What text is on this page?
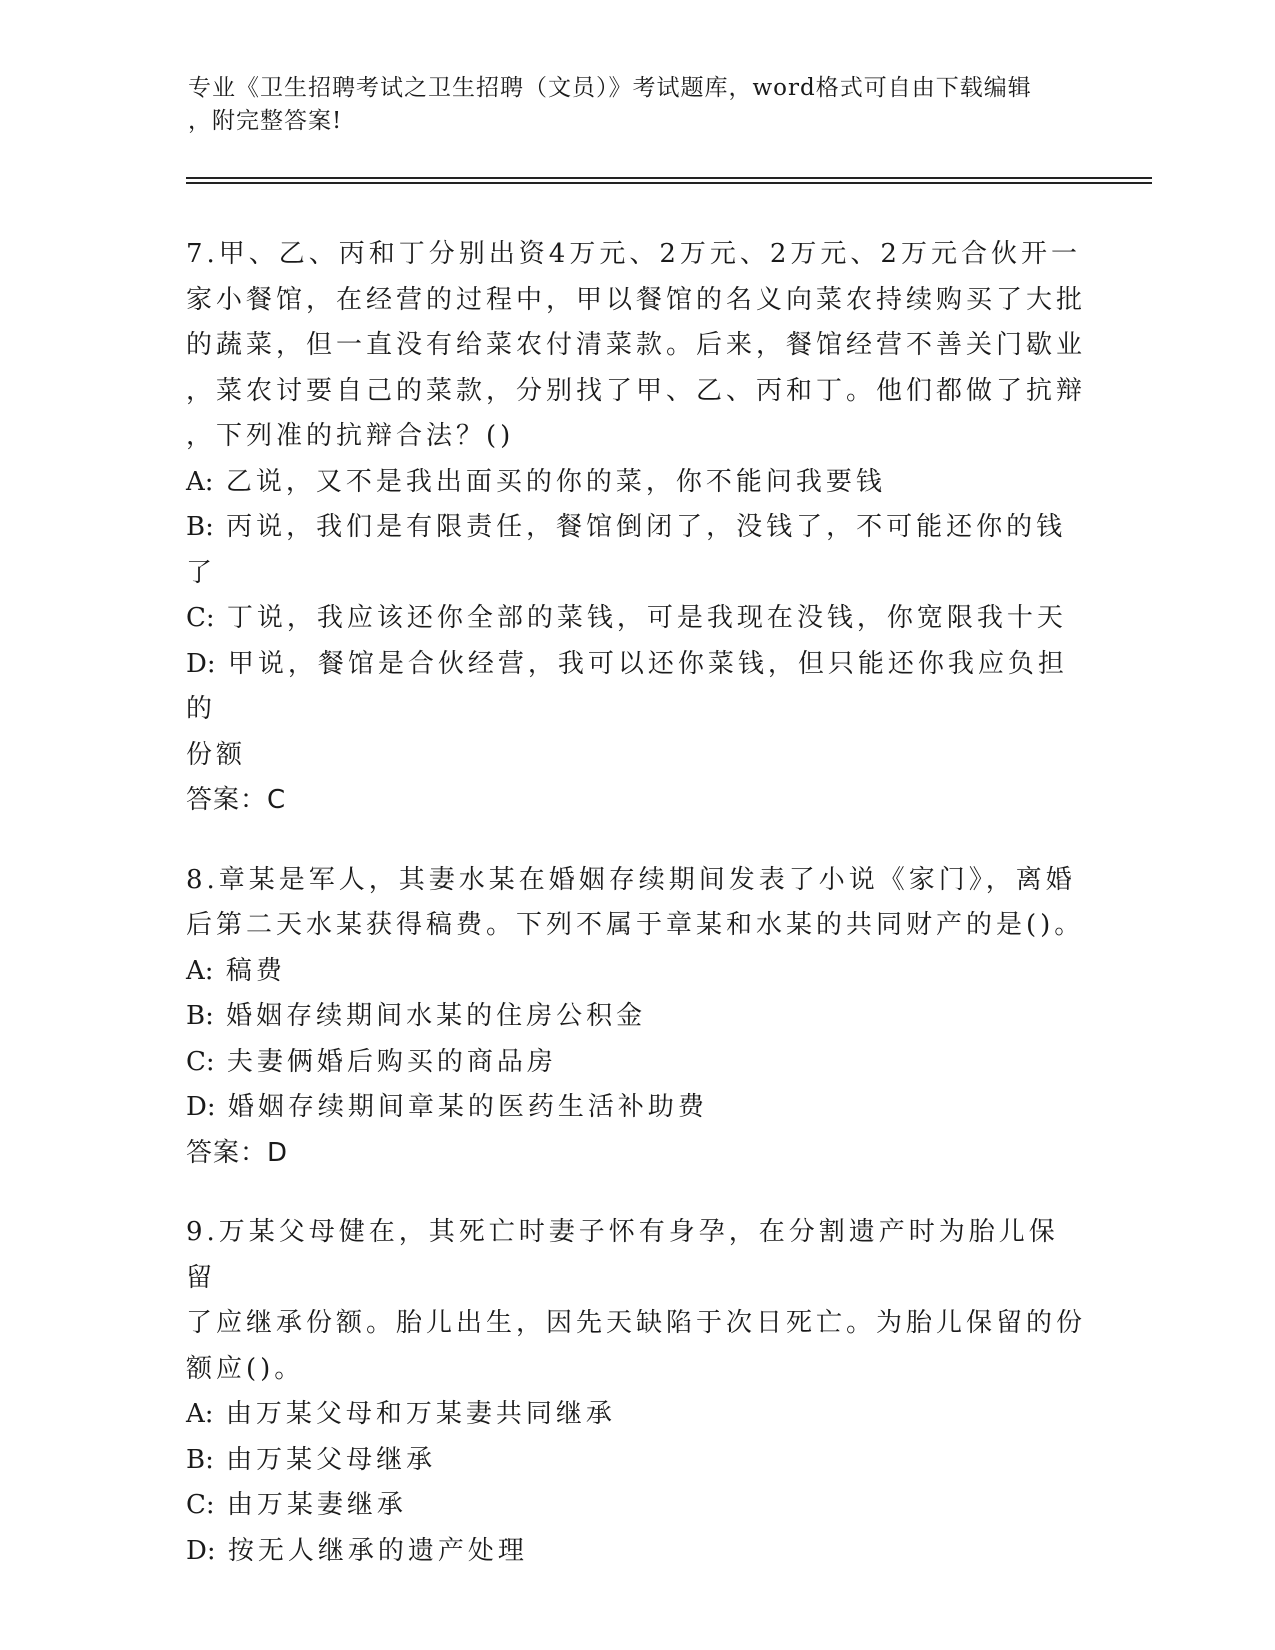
专业《卫生招聘考试之卫生招聘（文员）》考试题库，word格式可自由下载编辑
，附完整答案!
7.甲、乙、丙和丁分别出资4万元、2万元、2万元、2万元合伙开一
家小餐馆，在经营的过程中，甲以餐馆的名义向菜农持续购买了大批
的蔬菜，但一直没有给菜农付清菜款。后来，餐馆经营不善关门歇业
，菜农讨要自己的菜款，分别找了甲、乙、丙和丁。他们都做了抗辩
，下列准的抗辩合法？()
A: 乙说，又不是我出面买的你的菜，你不能问我要钱
B: 丙说，我们是有限责任，餐馆倒闭了，没钱了，不可能还你的钱了
C: 丁说，我应该还你全部的菜钱，可是我现在没钱，你宽限我十天
D: 甲说，餐馆是合伙经营，我可以还你菜钱，但只能还你我应负担的
份额
答案：C
8.章某是军人，其妻水某在婚姻存续期间发表了小说《家门》，离婚
后第二天水某获得稿费。下列不属于章某和水某的共同财产的是()。
A: 稿费
B: 婚姻存续期间水某的住房公积金
C: 夫妻俩婚后购买的商品房
D: 婚姻存续期间章某的医药生活补助费
答案：D
9.万某父母健在，其死亡时妻子怀有身孕，在分割遗产时为胎儿保留
了应继承份额。胎儿出生，因先天缺陷于次日死亡。为胎儿保留的份
额应()。
A: 由万某父母和万某妻共同继承
B: 由万某父母继承
C: 由万某妻继承
D: 按无人继承的遗产处理
